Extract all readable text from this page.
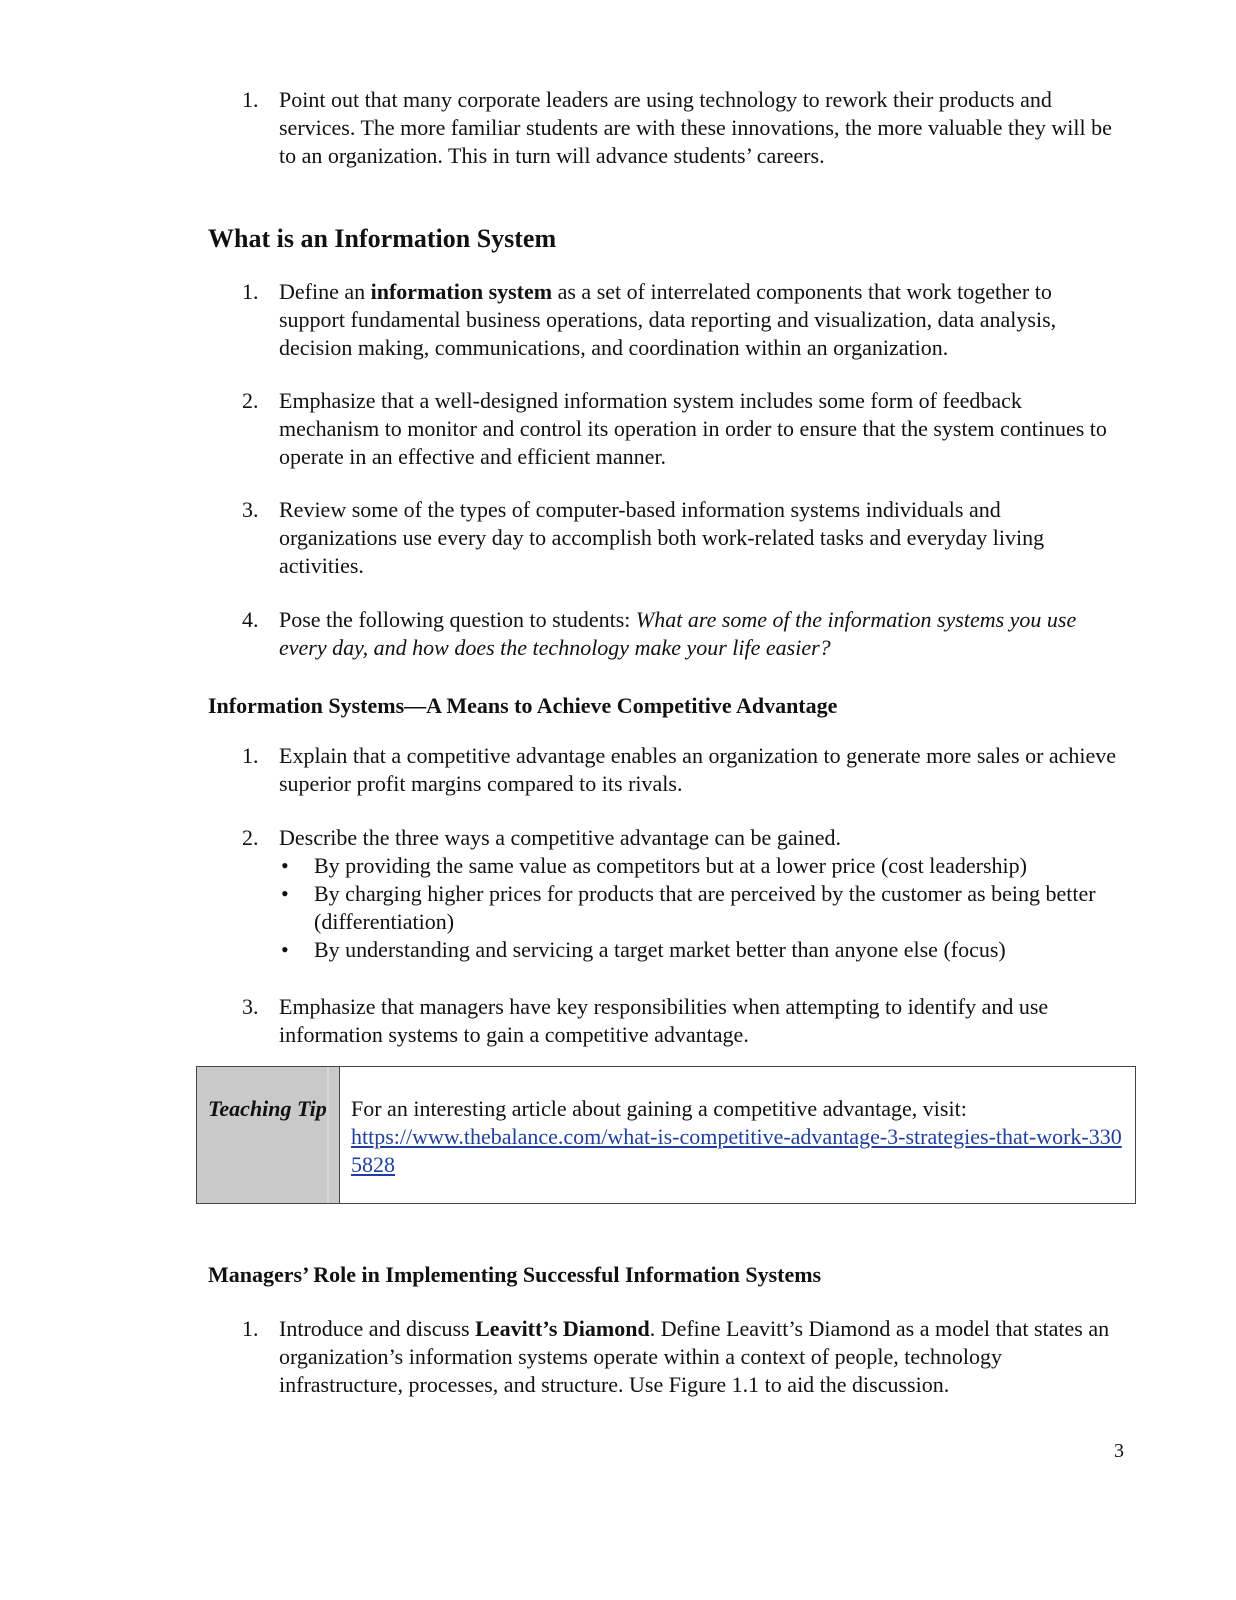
1. Point out that many corporate leaders are using technology to rework their products and services. The more familiar students are with these innovations, the more valuable they will be to an organization. This in turn will advance students’ careers.
What is an Information System
1. Define an information system as a set of interrelated components that work together to support fundamental business operations, data reporting and visualization, data analysis, decision making, communications, and coordination within an organization.
2. Emphasize that a well-designed information system includes some form of feedback mechanism to monitor and control its operation in order to ensure that the system continues to operate in an effective and efficient manner.
3. Review some of the types of computer-based information systems individuals and organizations use every day to accomplish both work-related tasks and everyday living activities.
4. Pose the following question to students: What are some of the information systems you use every day, and how does the technology make your life easier?
Information Systems—A Means to Achieve Competitive Advantage
1. Explain that a competitive advantage enables an organization to generate more sales or achieve superior profit margins compared to its rivals.
2. Describe the three ways a competitive advantage can be gained.
• By providing the same value as competitors but at a lower price (cost leadership)
• By charging higher prices for products that are perceived by the customer as being better (differentiation)
• By understanding and servicing a target market better than anyone else (focus)
3. Emphasize that managers have key responsibilities when attempting to identify and use information systems to gain a competitive advantage.
Teaching Tip	For an interesting article about gaining a competitive advantage, visit:
https://www.thebalance.com/what-is-competitive-advantage-3-strategies-that-work-3305828
Managers’ Role in Implementing Successful Information Systems
1. Introduce and discuss Leavitt’s Diamond. Define Leavitt’s Diamond as a model that states an organization’s information systems operate within a context of people, technology infrastructure, processes, and structure. Use Figure 1.1 to aid the discussion.
3
